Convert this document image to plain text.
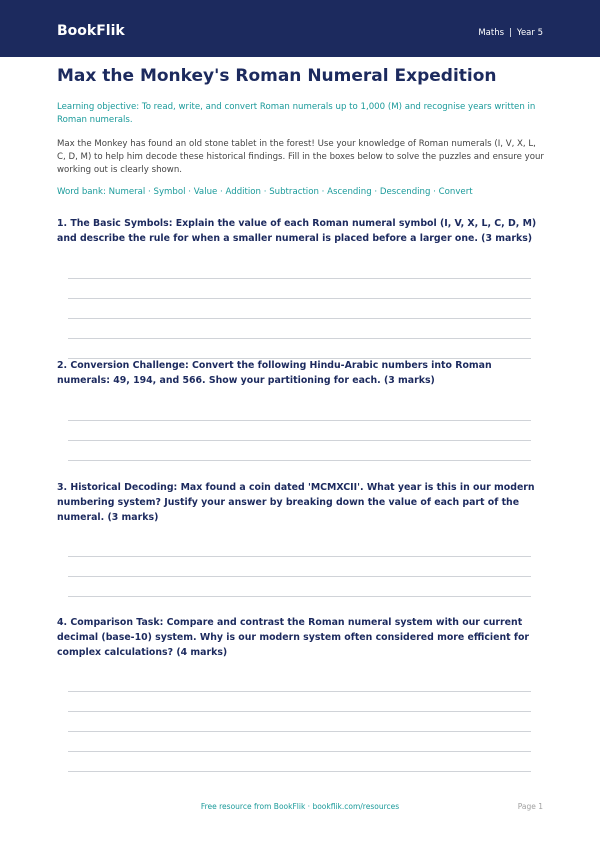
BookFlik	Maths | Year 5
Max the Monkey's Roman Numeral Expedition

Learning objective: To read, write, and convert Roman numerals up to 1,000 (M) and recognise years written in Roman numerals.

Max the Monkey has found an old stone tablet in the forest! Use your knowledge of Roman numerals (I, V, X, L, C, D, M) to help him decode these historical findings. Fill in the boxes below to solve the puzzles and ensure your working out is clearly shown.

Word bank: Numeral · Symbol · Value · Addition · Subtraction · Ascending · Descending · Convert

1. The Basic Symbols: Explain the value of each Roman numeral symbol (I, V, X, L, C, D, M) and describe the rule for when a smaller numeral is placed before a larger one. (3 marks)

2. Conversion Challenge: Convert the following Hindu-Arabic numbers into Roman numerals: 49, 194, and 566. Show your partitioning for each. (3 marks)

3. Historical Decoding: Max found a coin dated 'MCMXCII'. What year is this in our modern numbering system? Justify your answer by breaking down the value of each part of the numeral. (3 marks)

4. Comparison Task: Compare and contrast the Roman numeral system with our current decimal (base-10) system. Why is our modern system often considered more efficient for complex calculations? (4 marks)

Free resource from BookFlik · bookflik.com/resources	Page 1
